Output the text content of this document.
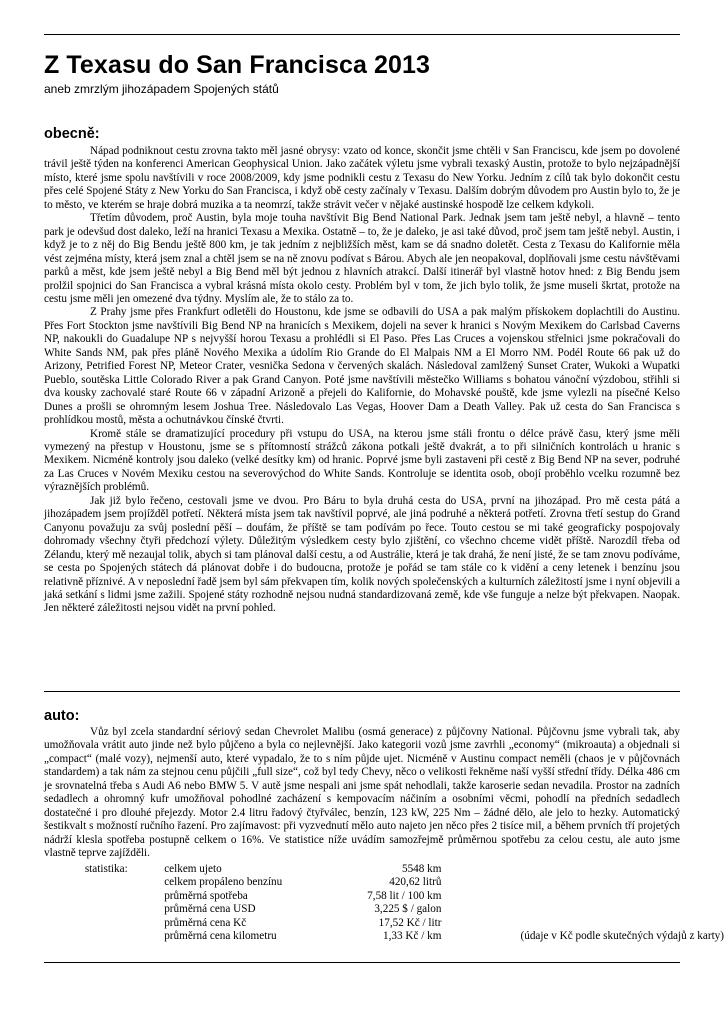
Z Texasu do San Francisca 2013
aneb zmrzlým jihozápadem Spojených států
obecně:

Nápad podniknout cestu zrovna takto měl jasné obrysy: vzato od konce, skončit jsme chtěli v San Franciscu, kde jsem po dovolené trávil ještě týden na konferenci American Geophysical Union. Jako začátek výletu jsme vybrali texaský Austin, protože to bylo nejzápadnější místo, které jsme spolu navštívili v roce 2008/2009, kdy jsme podnikli cestu z Texasu do New Yorku. Jedním z cílů tak bylo dokončit cestu přes celé Spojené Státy z New Yorku do San Francisca, i když obě cesty začínaly v Texasu. Dalším dobrým důvodem pro Austin bylo to, že je to město, ve kterém se hraje dobrá muzika a ta neomrzí, takže strávit večer v nějaké austinské hospodě lze celkem kdykoli.

Třetím důvodem, proč Austin, byla moje touha navštívit Big Bend National Park. Jednak jsem tam ještě nebyl, a hlavně – tento park je odevšud dost daleko, leží na hranici Texasu a Mexika. Ostatně – to, že je daleko, je asi také důvod, proč jsem tam ještě nebyl. Austin, i když je to z něj do Big Bendu ještě 800 km, je tak jedním z nejbližších měst, kam se dá snadno doletět. Cesta z Texasu do Kalifornie měla vést zejména místy, která jsem znal a chtěl jsem se na ně znovu podívat s Bárou. Abych ale jen neopakoval, doplňovali jsme cestu návštěvami parků a měst, kde jsem ještě nebyl a Big Bend měl být jednou z hlavních atrakcí. Další itinerář byl vlastně hotov hned: z Big Bendu jsem prolžil spojnici do San Francisca a vybral krásná místa okolo cesty. Problém byl v tom, že jich bylo tolik, že jsme museli škrtat, protože na cestu jsme měli jen omezené dva týdny. Myslím ale, že to stálo za to.

Z Prahy jsme přes Frankfurt odletěli do Houstonu, kde jsme se odbavili do USA a pak malým přískokem doplachtili do Austinu. Přes Fort Stockton jsme navštívili Big Bend NP na hranicích s Mexikem, dojeli na sever k hranici s Novým Mexikem do Carlsbad Caverns NP, nakoukli do Guadalupe NP s nejvyšší horou Texasu a prohlédli si El Paso. Přes Las Cruces a vojenskou střelnici jsme pokračovali do White Sands NM, pak přes pláně Nového Mexika a údolím Rio Grande do El Malpais NM a El Morro NM. Podél Route 66 pak už do Arizony, Petrified Forest NP, Meteor Crater, vesnička Sedona v červených skalách. Následoval zamlžený Sunset Crater, Wukoki a Wupatki Pueblo, soutěska Little Colorado River a pak Grand Canyon. Poté jsme navštívili městečko Williams s bohatou vánoční výzdobou, střihli si dva kousky zachovalé staré Route 66 v západní Arizoně a přejeli do Kalifornie, do Mohavské pouště, kde jsme vylezli na písečné Kelso Dunes a prošli se ohromným lesem Joshua Tree. Následovalo Las Vegas, Hoover Dam a Death Valley. Pak už cesta do San Francisca s prohlídkou mostů, města a ochutnávkou čínské čtvrti.

Kromě stále se dramatizující procedury při vstupu do USA, na kterou jsme stáli frontu o délce právě času, který jsme měli vymezený na přestup v Houstonu, jsme se s přítomností strážců zákona potkali ještě dvakrát, a to při silničních kontrolách u hranic s Mexikem. Nicméně kontroly jsou daleko (velké desítky km) od hranic. Poprvé jsme byli zastaveni při cestě z Big Bend NP na sever, podruhé za Las Cruces v Novém Mexiku cestou na severovýchod do White Sands. Kontroluje se identita osob, obojí proběhlo vcelku rozumně bez výraznějších problémů.

Jak již bylo řečeno, cestovali jsme ve dvou. Pro Báru to byla druhá cesta do USA, první na jihozápad. Pro mě cesta pátá a jihozápadem jsem projížděl potřetí. Některá místa jsem tak navštívil poprvé, ale jiná podruhé a některá potřetí. Zrovna třetí sestup do Grand Canyonu považuju za svůj poslední pěší – doufám, že příště se tam podívám po řece. Touto cestou se mi také geograficky pospojovaly dohromady všechny čtyři předchozí výlety. Důležitým výsledkem cesty bylo zjištění, co všechno chceme vidět příště. Narozdíl třeba od Zélandu, který mě nezaujal tolik, abych si tam plánoval další cestu, a od Austrálie, která je tak drahá, že není jisté, že se tam znovu podíváme, se cesta po Spojených státech dá plánovat dobře i do budoucna, protože je pořád se tam stále co k vidění a ceny letenek i benzínu jsou relativně příznivé. A v neposlední řadě jsem byl sám překvapen tím, kolik nových společenských a kulturních záležitostí jsme i nyní objevili a jaká setkání s lidmi jsme zažili. Spojené státy rozhodně nejsou nudná standardizovaná země, kde vše funguje a nelze být překvapen. Naopak. Jen některé záležitosti nejsou vidět na první pohled.

auto:

Vůz byl zcela standardní sériový sedan Chevrolet Malibu (osmá generace) z půjčovny National. Půjčovnu jsme vybrali tak, aby umožňovala vrátit auto jinde než bylo půjčeno a byla co nejlevnější. Jako kategorii vozů jsme zavrhli „economy“ (mikroauta) a objednali si „compact“ (malé vozy), nejmenší auto, které vypadalo, že to s ním půjde ujet. Nicméně v Austinu compact neměli (chaos je v půjčovnách standardem) a tak nám za stejnou cenu půjčili „full size“, což byl tedy Chevy, něco o velikosti řekněme naší vyšší střední třídy. Délka 486 cm je srovnatelná třeba s Audi A6 nebo BMW 5. V autě jsme nespali ani jsme spát nehodlali, takže karoserie sedan nevadila. Prostor na zadních sedadlech a ohromný kufr umožňoval pohodlné zacházení s kempovacím náčiním a osobními věcmi, pohodlí na předních sedadlech dostatečné i pro dlouhé přejezdy. Motor 2.4 litru řadový čtyřválec, benzín, 123 kW, 225 Nm – žádné dělo, ale jelo to hezky. Automatický šestikvalt s možností ručního řazení. Pro zajímavost: při vyzvednutí mělo auto najeto jen něco přes 2 tisíce mil, a během prvních tří projetých nádrží klesla spotřeba postupně celkem o 16%. Ve statistice níže uvádím samozřejmě průměrnou spotřebu za celou cestu, ale auto jsme vlastně teprve zajížděli.

	statistika:	celkem ujeto	5548 km		
		celkem propáleno benzínu	420,62 litrů		
		průměrná spotřeba	7,58 lit / 100 km		
		průměrná cena USD	3,225 $ / galon		
		průměrná cena Kč	17,52 Kč / litr		
		průměrná cena kilometru	1,33 Kč / km		(údaje v Kč podle skutečných výdajů z karty)
